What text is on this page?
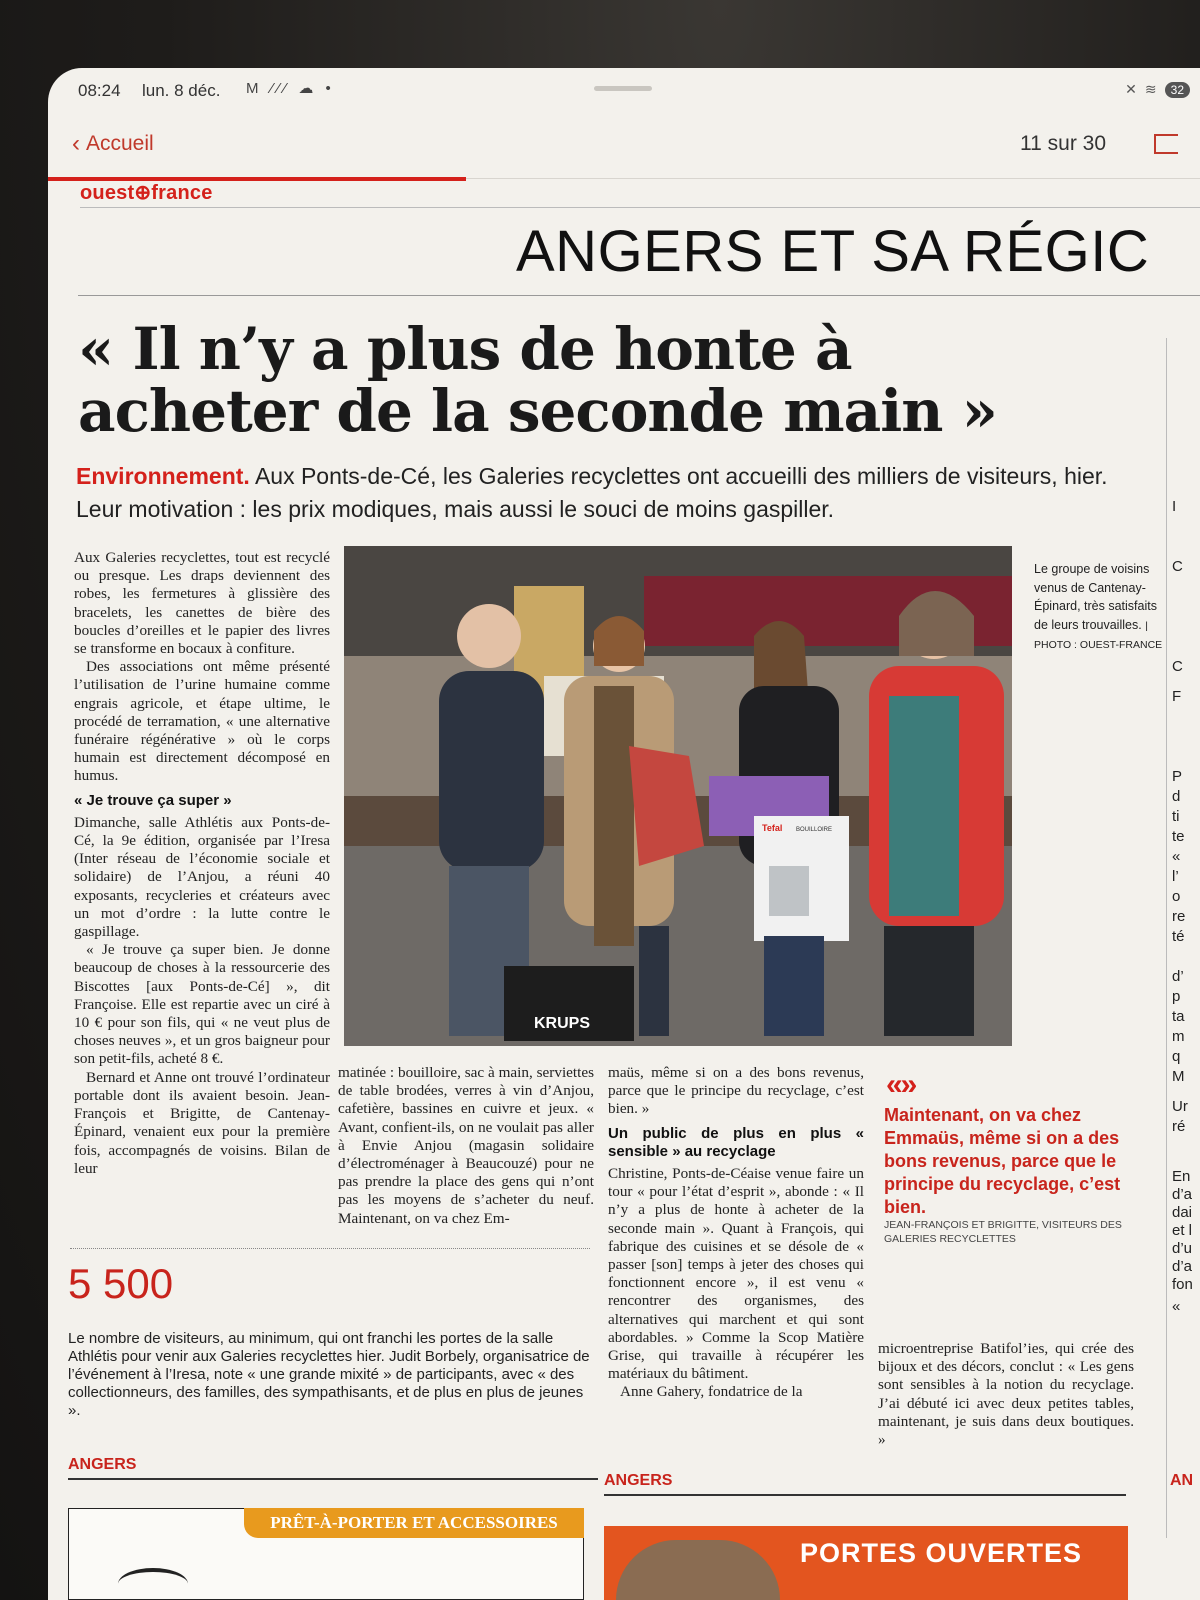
08:24 lun. 8 déc. M ⁄⁄⁄ ☁ •	✕ ≋	32
‹ Accueil	11 sur 30
ouest⊕france
ANGERS ET SA RÉGIC
« Il n’y a plus de honte à acheter de la seconde main »
Environnement. Aux Ponts-de-Cé, les Galeries recyclettes ont accueilli des milliers de visiteurs, hier. Leur motivation : les prix modiques, mais aussi le souci de moins gaspiller.

Aux Galeries recyclettes, tout est recyclé ou presque. Les draps deviennent des robes, les fermetures à glissière des bracelets, les canettes de bière des boucles d’oreilles et le papier des livres se transforme en bocaux à confiture.

Des associations ont même présenté l’utilisation de l’urine humaine comme engrais agricole, et étape ultime, le procédé de terramation, « une alternative funéraire régénérative » où le corps humain est directement décomposé en humus.

« Je trouve ça super »

Dimanche, salle Athlétis aux Ponts-de-Cé, la 9e édition, organisée par l’Iresa (Inter réseau de l’économie sociale et solidaire) de l’Anjou, a réuni 40 exposants, recycleries et créateurs avec un mot d’ordre : la lutte contre le gaspillage.

« Je trouve ça super bien. Je donne beaucoup de choses à la ressourcerie des Biscottes [aux Ponts-de-Cé] », dit Françoise. Elle est repartie avec un ciré à 10 € pour son fils, qui « ne veut plus de choses neuves », et un gros baigneur pour son petit-fils, acheté 8 €.

Bernard et Anne ont trouvé l’ordinateur portable dont ils avaient besoin. Jean-François et Brigitte, de Cantenay-Épinard, venaient eux pour la première fois, accompagnés de voisins. Bilan de leur

KRUPS
Tefal BOUILLOIRE
Le groupe de voisins venus de Cantenay-Épinard, très satisfaits de leurs trouvailles. | PHOTO : OUEST-FRANCE

matinée : bouilloire, sac à main, serviettes de table brodées, verres à vin d’Anjou, cafetière, bassines en cuivre et jeux. « Avant, confient-ils, on ne voulait pas aller à Envie Anjou (magasin solidaire d’électroménager à Beaucouzé) pour ne pas prendre la place des gens qui n’ont pas les moyens de s’acheter du neuf. Maintenant, on va chez Em-

maüs, même si on a des bons revenus, parce que le principe du recyclage, c’est bien. »

Un public de plus en plus « sensible » au recyclage

Christine, Ponts-de-Céaise venue faire un tour « pour l’état d’esprit », abonde : « Il n’y a plus de honte à acheter de la seconde main ». Quant à François, qui fabrique des cuisines et se désole de « passer [son] temps à jeter des choses qui fonctionnent encore », il est venu « rencontrer des organismes, des alternatives qui marchent et qui sont abordables. » Comme la Scop Matière Grise, qui travaille à récupérer les matériaux du bâtiment.

Anne Gahery, fondatrice de la

«»
Maintenant, on va chez Emmaüs, même si on a des bons revenus, parce que le principe du recyclage, c’est bien.
JEAN-FRANÇOIS ET BRIGITTE, VISITEURS DES GALERIES RECYCLETTES

microentreprise Batifol’ies, qui crée des bijoux et des décors, conclut : « Les gens sont sensibles à la notion du recyclage. J’ai débuté ici avec deux petites tables, maintenant, je suis dans deux boutiques. »

5 500
Le nombre de visiteurs, au minimum, qui ont franchi les portes de la salle Athlétis pour venir aux Galeries recyclettes hier. Judit Borbely, organisatrice de l’événement à l’Iresa, note « une grande mixité » de participants, avec « des collectionneurs, des familles, des sympathisants, et de plus en plus de jeunes ».
I
C
C
F
P
d
ti
te
«
l’
o
re
té
d’
p
ta
m
q
M
Ur
ré
En
d’a
dai
et l
d’u
d’a
fon
«
ANGERS
ANGERS	AN
PRÊT-À-PORTER ET ACCESSOIRES
PORTES OUVERTES
